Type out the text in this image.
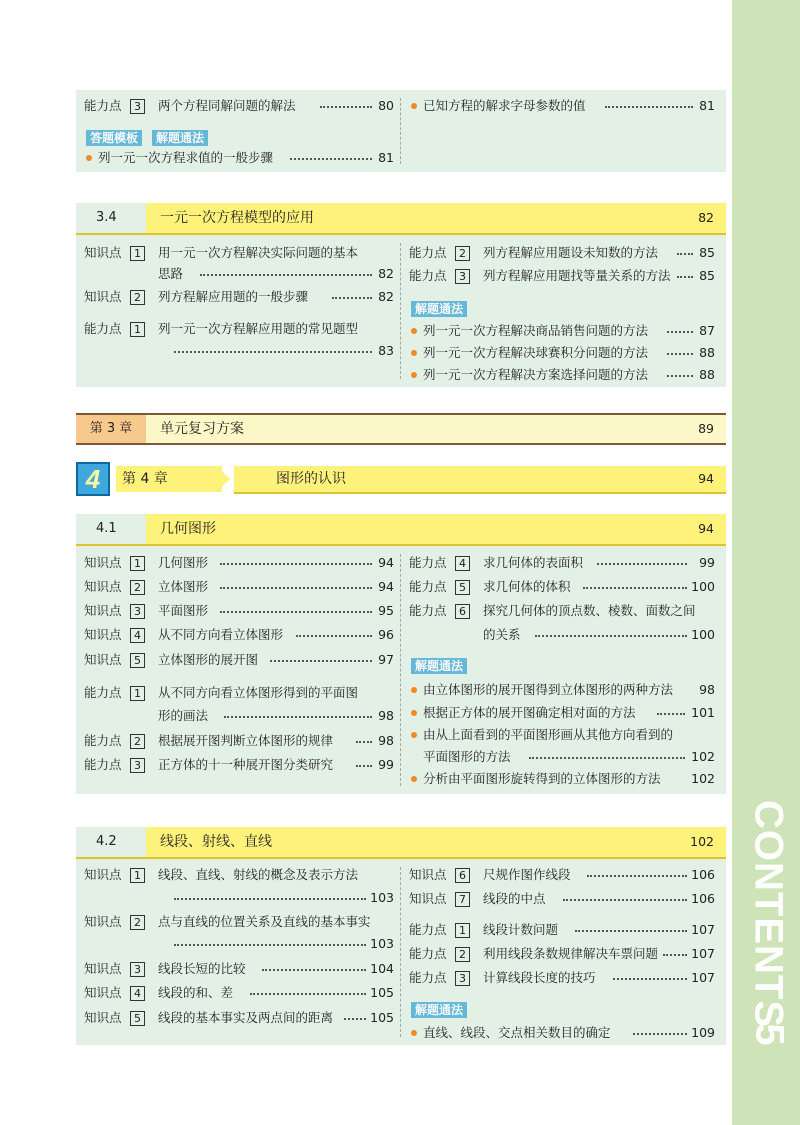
CONTENTS
5
能力点	3	两个方程同解问题的解法	80
答题模板	解题通法
列一元一次方程求值的一般步骤	81
已知方程的解求字母参数的值	81
3.4	一元一次方程模型的应用	82
知识点	1	用一元一次方程解决实际问题的基本
思路	82
知识点	2	列方程解应用题的一般步骤	82
能力点	1	列一元一次方程解应用题的常见题型
83
能力点	2	列方程解应用题设未知数的方法	85
能力点	3	列方程解应用题找等量关系的方法 85
解题通法
列一元一次方程解决商品销售问题的方法	87
列一元一次方程解决球赛积分问题的方法	88
列一元一次方程解决方案选择问题的方法	88
第 3 章	单元复习方案	89
4	第 4 章	图形的认识	94
4.1	几何图形	94
知识点	1	几何图形	94
知识点	2	立体图形	94
知识点	3	平面图形	95
知识点	4	从不同方向看立体图形	96
知识点	5	立体图形的展开图	97
能力点	1	从不同方向看立体图形得到的平面图
形的画法	98
能力点	2	根据展开图判断立体图形的规律	98
能力点	3	正方体的十一种展开图分类研究	99
能力点	4	求几何体的表面积	99
能力点	5	求几何体的体积	100
能力点	6	探究几何体的顶点数、棱数、面数之间
的关系	100
解题通法
由立体图形的展开图得到立体图形的两种方法 98
根据正方体的展开图确定相对面的方法	101
由从上面看到的平面图形画从其他方向看到的
平面图形的方法	102
分析由平面图形旋转得到的立体图形的方法 102
4.2	线段、射线、直线	102
知识点	1	线段、直线、射线的概念及表示方法
103
知识点	2	点与直线的位置关系及直线的基本事实
103
知识点	3	线段长短的比较	104
知识点	4	线段的和、差	105
知识点	5	线段的基本事实及两点间的距离	105
知识点	6	尺规作图作线段	106
知识点	7	线段的中点	106
能力点	1	线段计数问题	107
能力点	2	利用线段条数规律解决车票问题	107
能力点	3	计算线段长度的技巧	107
解题通法
直线、线段、交点相关数目的确定	109
